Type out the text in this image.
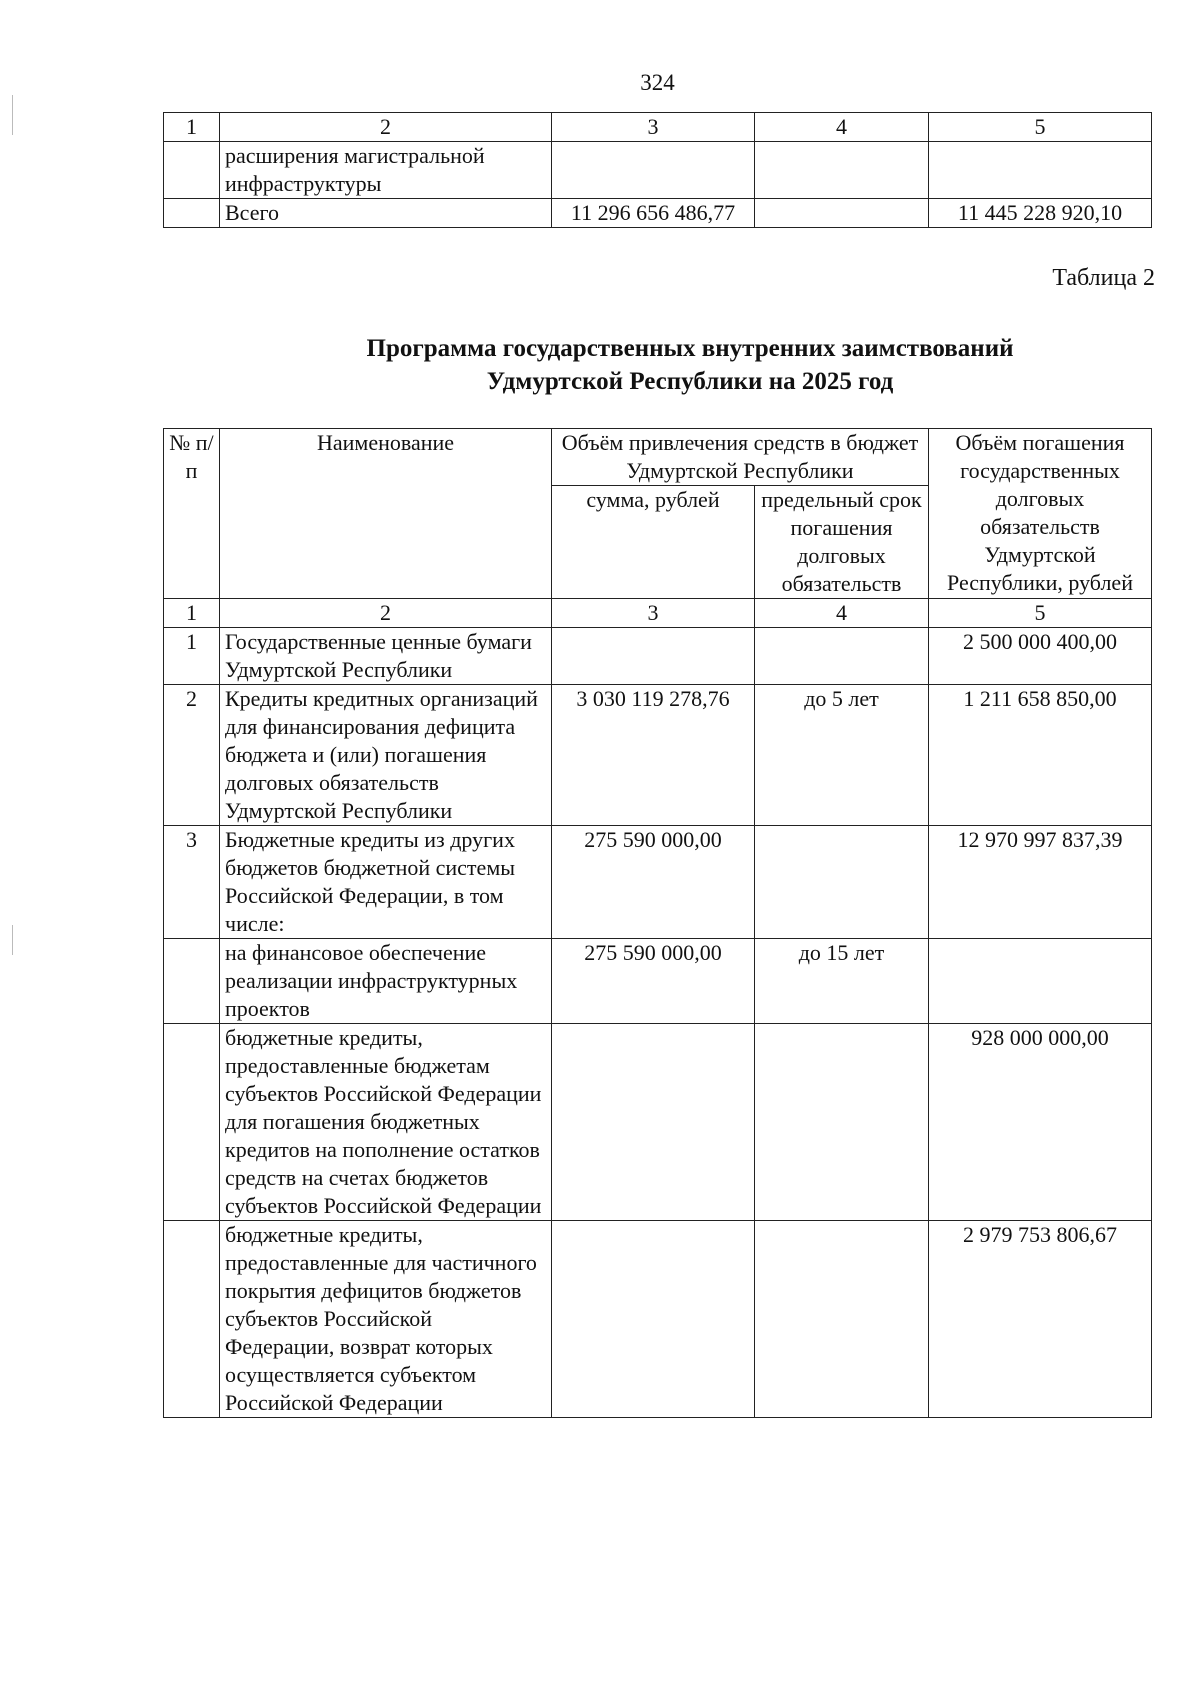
324
1	2	3	4	5
	расширения магистральной инфраструктуры			
	Всего	11 296 656 486,77		11 445 228 920,10
Таблица 2
Программа государственных внутренних заимствований
Удмуртской Республики на 2025 год
№ п/п	Наименование	Объём привлечения средств в бюджет Удмуртской Республики		Объём погашения государственных долговых обязательств Удмуртской Республики, рублей
		сумма, рублей	предельный срок погашения долговых обязательств	
1	2	3	4	5
1	Государственные ценные бумаги Удмуртской Республики			2 500 000 400,00
2	Кредиты кредитных организаций для финансирования дефицита бюджета и (или) погашения долговых обязательств Удмуртской Республики	3 030 119 278,76	до 5 лет	1 211 658 850,00
3	Бюджетные кредиты из других бюджетов бюджетной системы Российской Федерации, в том числе:	275 590 000,00		12 970 997 837,39
	на финансовое обеспечение реализации инфраструктурных проектов	275 590 000,00	до 15 лет	
	бюджетные кредиты, предоставленные бюджетам субъектов Российской Федерации для погашения бюджетных кредитов на пополнение остатков средств на счетах бюджетов субъектов Российской Федерации			928 000 000,00
	бюджетные кредиты, предоставленные для частичного покрытия дефицитов бюджетов субъектов Российской Федерации, возврат которых осуществляется субъектом Российской Федерации			2 979 753 806,67
